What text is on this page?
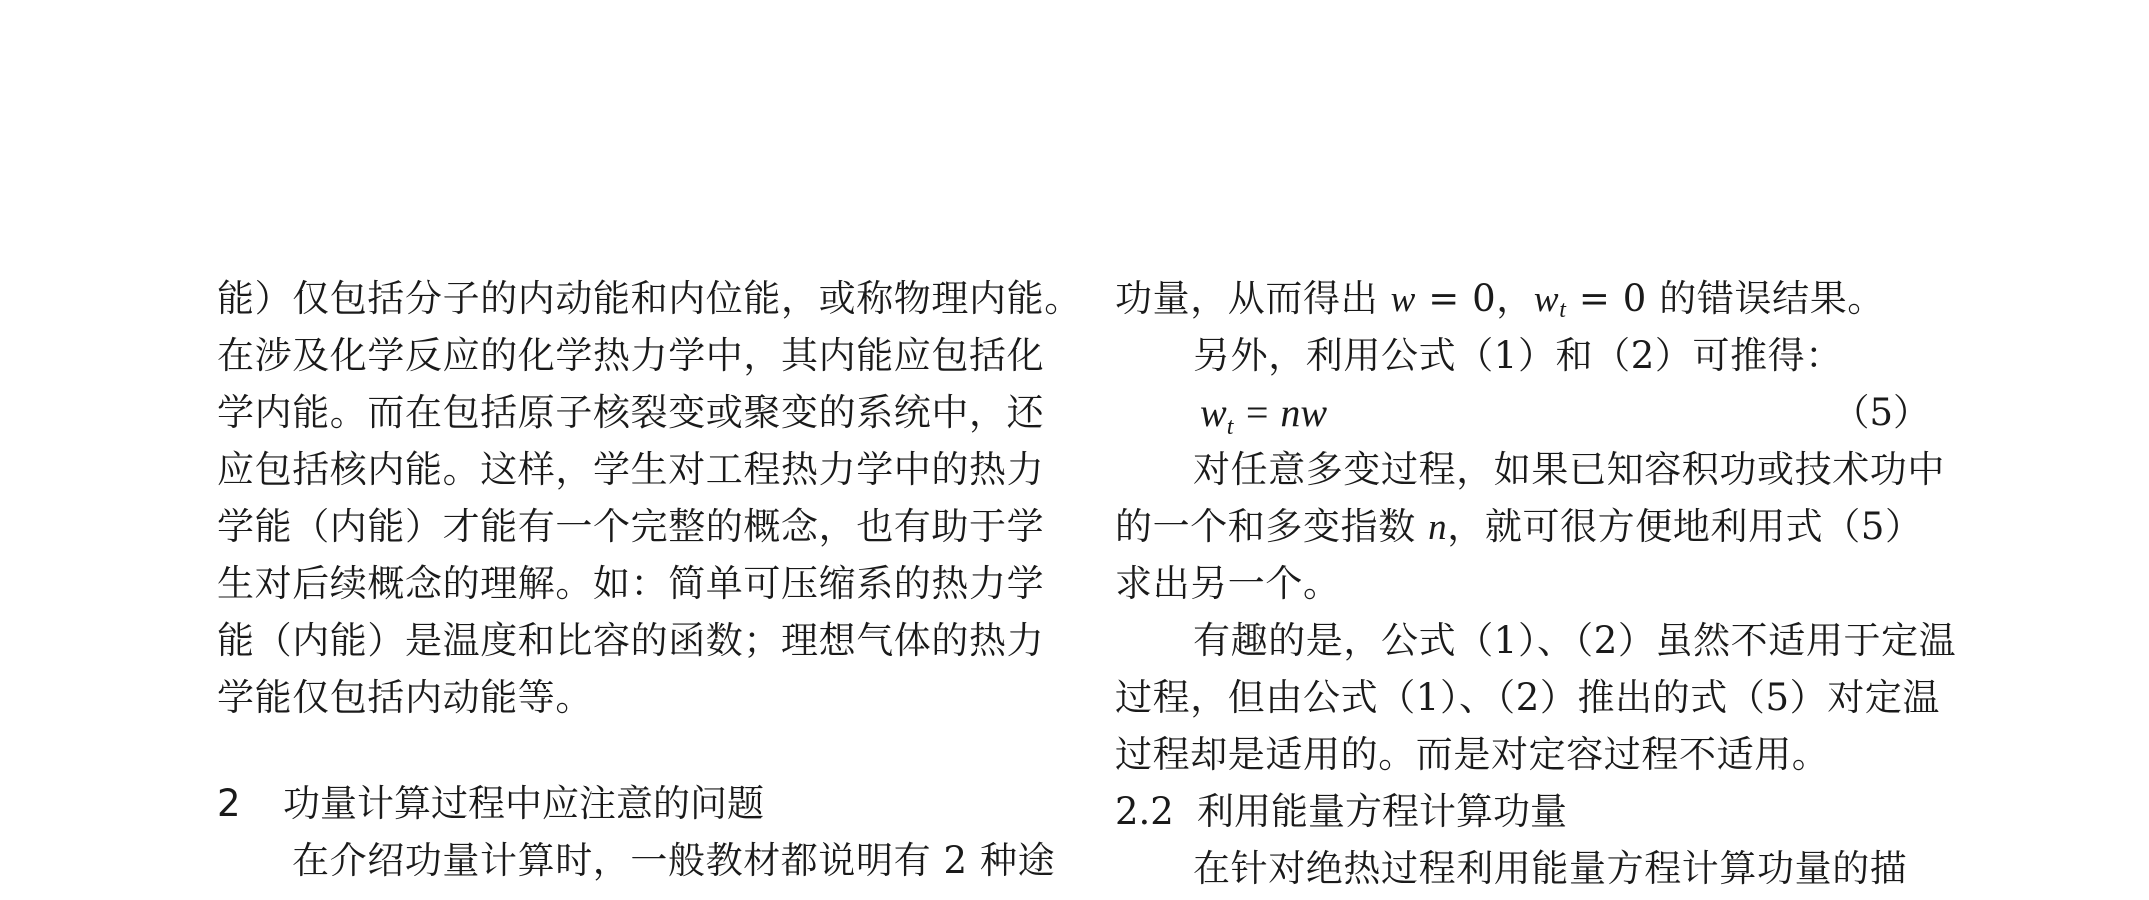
能）仅包括分子的内动能和内位能，或称物理内能。
在涉及化学反应的化学热力学中，其内能应包括化
学内能。而在包括原子核裂变或聚变的系统中，还
应包括核内能。这样，学生对工程热力学中的热力
学能（内能）才能有一个完整的概念，也有助于学
生对后续概念的理解。如：简单可压缩系的热力学
能（内能）是温度和比容的函数；理想气体的热力
学能仅包括内动能等。
2 功量计算过程中应注意的问题
在介绍功量计算时，一般教材都说明有 2 种途
功量，从而得出 w = 0，$w_t = 0$ 的错误结果。
另外，利用公式（1）和（2）可推得：
$w_t$ = nw	（5）
对任意多变过程，如果已知容积功或技术功中
的一个和多变指数 n，就可很方便地利用式（5）
求出另一个。
有趣的是，公式（1）、（2）虽然不适用于定温
过程，但由公式（1）、（2）推出的式（5）对定温
过程却是适用的。而是对定容过程不适用。
2.2 利用能量方程计算功量
在针对绝热过程利用能量方程计算功量的描
